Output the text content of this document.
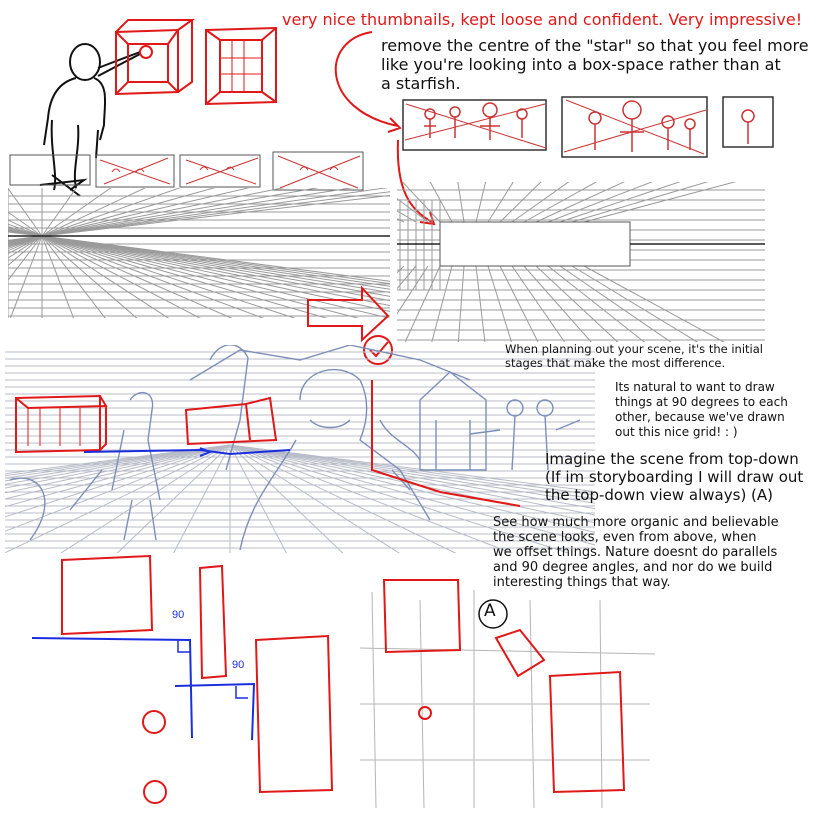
90
90
very nice thumbnails, kept loose and confident. Very impressive!
remove the centre of the "star" so that you feel more
like you're looking into a box-space rather than at
a starfish.
When planning out your scene, it's the initial
stages that make the most difference.
Its natural to want to draw
things at 90 degrees to each
other, because we've drawn
out this nice grid! : )
Imagine the scene from top-down
(If im storyboarding I will draw out
the top-down view always) (A)
See how much more organic and believable
the scene looks, even from above, when
we offset things. Nature doesnt do parallels
and 90 degree angles, and nor do we build
interesting things that way.
A
